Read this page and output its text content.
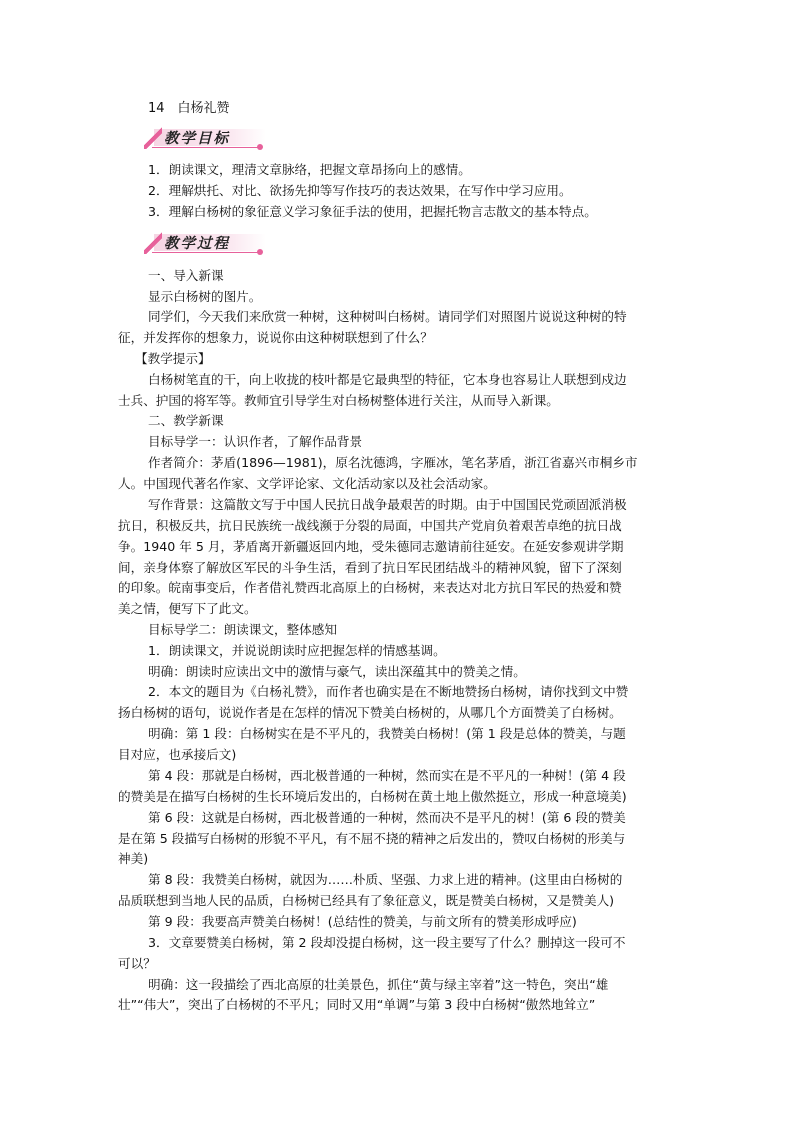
14　白杨礼赞
教学目标
1．朗读课文，理清文章脉络，把握文章昂扬向上的感情。
2．理解烘托、对比、欲扬先抑等写作技巧的表达效果，在写作中学习应用。
3．理解白杨树的象征意义学习象征手法的使用，把握托物言志散文的基本特点。
教学过程
一、导入新课
显示白杨树的图片。
同学们，今天我们来欣赏一种树，这种树叫白杨树。请同学们对照图片说说这种树的特
征，并发挥你的想象力，说说你由这种树联想到了什么？
【教学提示】
白杨树笔直的干，向上收拢的枝叶都是它最典型的特征，它本身也容易让人联想到戍边
士兵、护国的将军等。教师宜引导学生对白杨树整体进行关注，从而导入新课。
二、教学新课
目标导学一：认识作者，了解作品背景
作者简介：茅盾(1896—1981)，原名沈德鸿，字雁冰，笔名茅盾，浙江省嘉兴市桐乡市
人。中国现代著名作家、文学评论家、文化活动家以及社会活动家。
写作背景：这篇散文写于中国人民抗日战争最艰苦的时期。由于中国国民党顽固派消极
抗日，积极反共，抗日民族统一战线濒于分裂的局面，中国共产党肩负着艰苦卓绝的抗日战
争。1940 年 5 月，茅盾离开新疆返回内地，受朱德同志邀请前往延安。在延安参观讲学期
间，亲身体察了解放区军民的斗争生活，看到了抗日军民团结战斗的精神风貌，留下了深刻
的印象。皖南事变后，作者借礼赞西北高原上的白杨树，来表达对北方抗日军民的热爱和赞
美之情，便写下了此文。
目标导学二：朗读课文，整体感知
1．朗读课文，并说说朗读时应把握怎样的情感基调。
明确：朗读时应读出文中的激情与豪气，读出深蕴其中的赞美之情。
2．本文的题目为《白杨礼赞》，而作者也确实是在不断地赞扬白杨树，请你找到文中赞
扬白杨树的语句，说说作者是在怎样的情况下赞美白杨树的，从哪几个方面赞美了白杨树。
明确：第 1 段：白杨树实在是不平凡的，我赞美白杨树！(第 1 段是总体的赞美，与题
目对应，也承接后文)
第 4 段：那就是白杨树，西北极普通的一种树，然而实在是不平凡的一种树！(第 4 段
的赞美是在描写白杨树的生长环境后发出的，白杨树在黄土地上傲然挺立，形成一种意境美)
第 6 段：这就是白杨树，西北极普通的一种树，然而决不是平凡的树！(第 6 段的赞美
是在第 5 段描写白杨树的形貌不平凡，有不屈不挠的精神之后发出的，赞叹白杨树的形美与
神美)
第 8 段：我赞美白杨树，就因为……朴质、坚强、力求上进的精神。(这里由白杨树的
品质联想到当地人民的品质，白杨树已经具有了象征意义，既是赞美白杨树，又是赞美人)
第 9 段：我要高声赞美白杨树！(总结性的赞美，与前文所有的赞美形成呼应)
3．文章要赞美白杨树，第 2 段却没提白杨树，这一段主要写了什么？删掉这一段可不
可以？
明确：这一段描绘了西北高原的壮美景色，抓住“黄与绿主宰着”这一特色，突出“雄
壮”“伟大”，突出了白杨树的不平凡；同时又用“单调”与第 3 段中白杨树“傲然地耸立”
